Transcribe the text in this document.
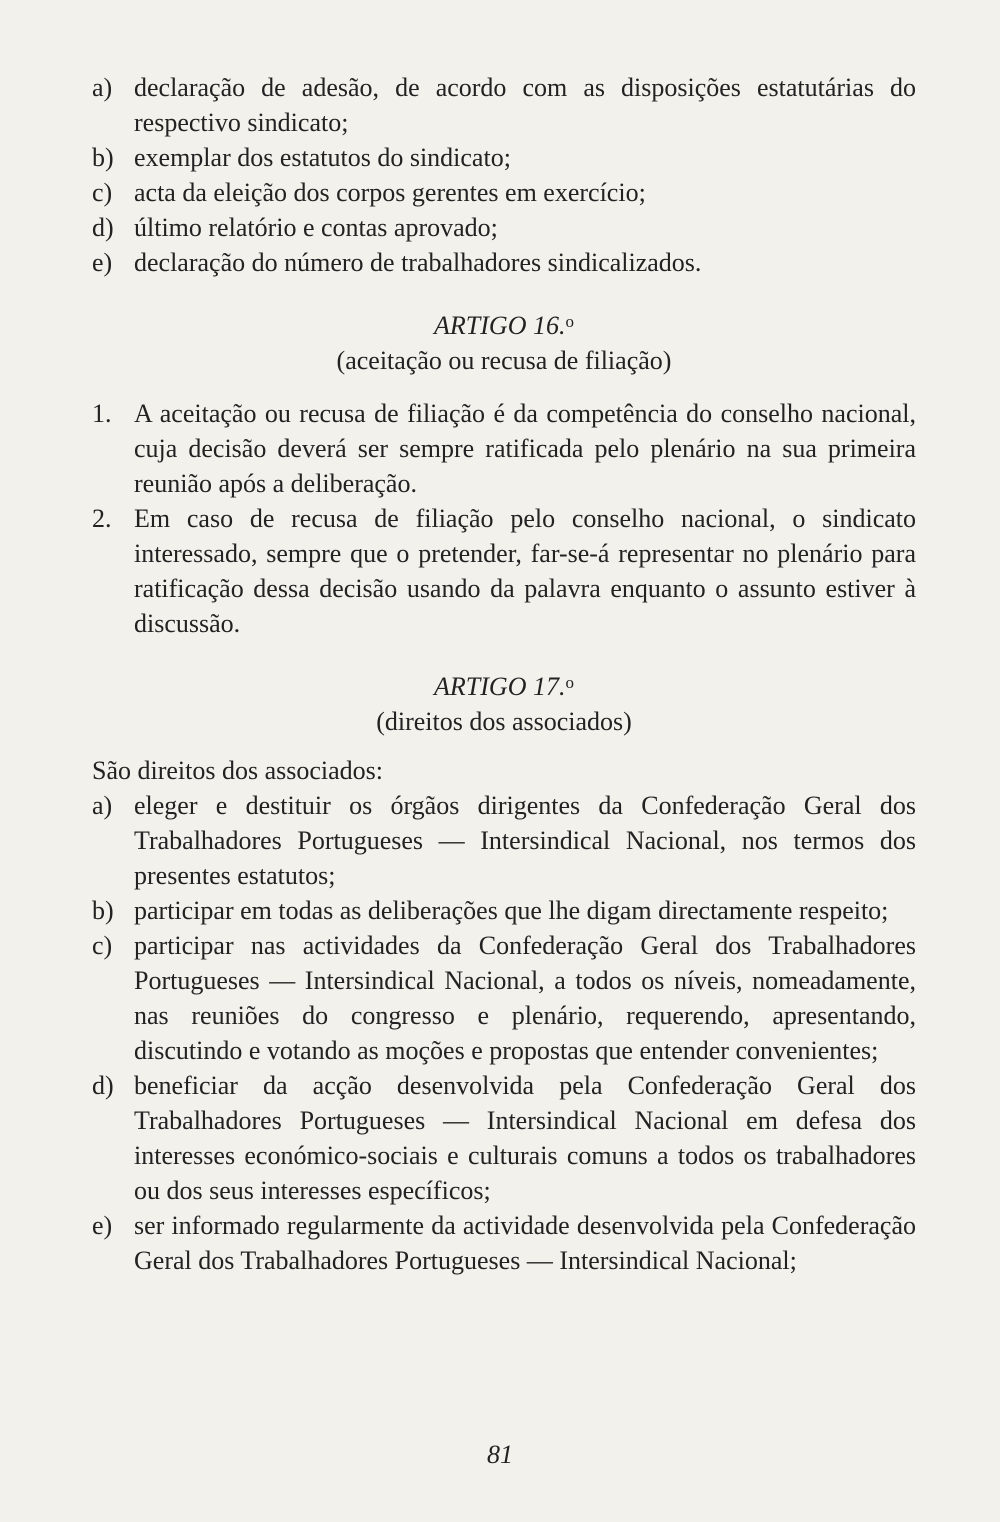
a) declaração de adesão, de acordo com as disposições estatutárias do respectivo sindicato;
b) exemplar dos estatutos do sindicato;
c) acta da eleição dos corpos gerentes em exercício;
d) último relatório e contas aprovado;
e) declaração do número de trabalhadores sindicalizados.
ARTIGO 16.$^o$
(aceitação ou recusa de filiação)
1. A aceitação ou recusa de filiação é da competência do conselho nacional, cuja decisão deverá ser sempre ratificada pelo plenário na sua primeira reunião após a deliberação.
2. Em caso de recusa de filiação pelo conselho nacional, o sindicato interessado, sempre que o pretender, far-se-á representar no plenário para ratificação dessa decisão usando da palavra enquanto o assunto estiver à discussão.
ARTIGO 17.$^o$
(direitos dos associados)
São direitos dos associados:
a) eleger e destituir os órgãos dirigentes da Confederação Geral dos Trabalhadores Portugueses — Intersindical Nacional, nos termos dos presentes estatutos;
b) participar em todas as deliberações que lhe digam directamente respeito;
c) participar nas actividades da Confederação Geral dos Trabalhadores Portugueses — Intersindical Nacional, a todos os níveis, nomeadamente, nas reuniões do congresso e plenário, requerendo, apresentando, discutindo e votando as moções e propostas que entender convenientes;
d) beneficiar da acção desenvolvida pela Confederação Geral dos Trabalhadores Portugueses — Intersindical Nacional em defesa dos interesses económico-sociais e culturais comuns a todos os trabalhadores ou dos seus interesses específicos;
e) ser informado regularmente da actividade desenvolvida pela Confederação Geral dos Trabalhadores Portugueses — Intersindical Nacional;
81
